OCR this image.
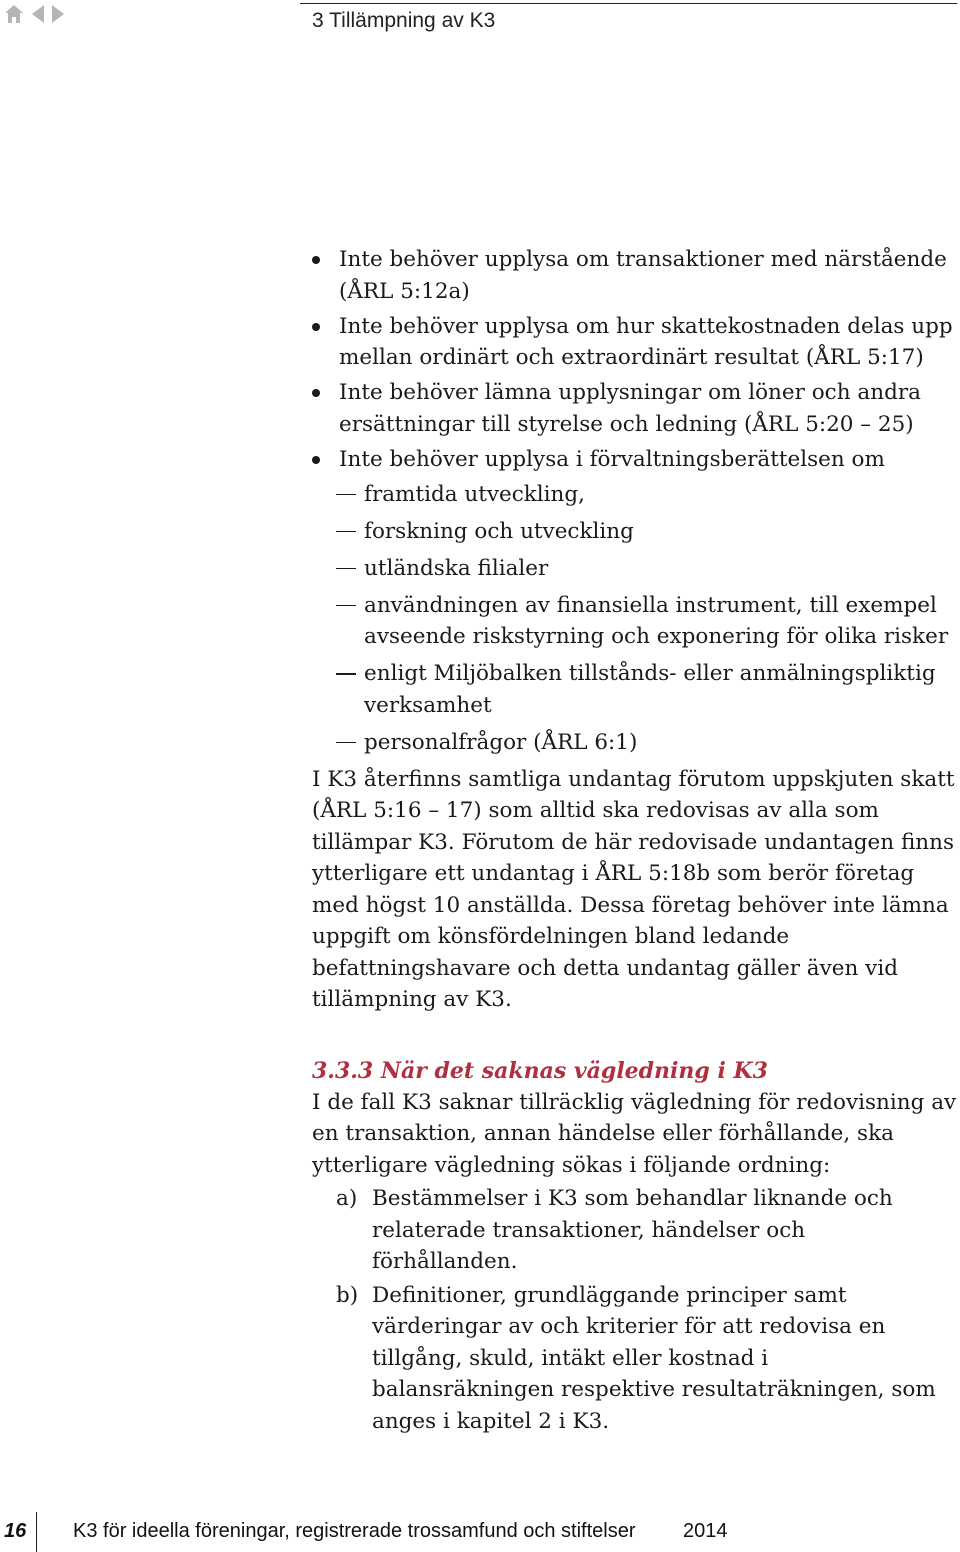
3 Tillämpning av K3
Inte behöver upplysa om transaktioner med närstående (ÅRL 5:12a)
Inte behöver upplysa om hur skattekostnaden delas upp mellan ordinärt och extraordinärt resultat (ÅRL 5:17)
Inte behöver lämna upplysningar om löner och andra ersättningar till styrelse och ledning (ÅRL 5:20 – 25)
Inte behöver upplysa i förvaltningsberättelsen om
framtida utveckling,
forskning och utveckling
utländska filialer
användningen av finansiella instrument, till exempel avseende riskstyrning och exponering för olika risker
enligt Miljöbalken tillstånds- eller anmälningspliktig verksamhet
personalfrågor (ÅRL 6:1)

I K3 återfinns samtliga undantag förutom uppskjuten skatt (ÅRL 5:16 – 17) som alltid ska redovisas av alla som tillämpar K3. Förutom de här redovisade undantagen finns ytterligare ett undantag i ÅRL 5:18b som berör företag med högst 10 anställda. Dessa företag behöver inte lämna uppgift om könsfördelningen bland ledande befattningshavare och detta undantag gäller även vid tillämpning av K3.

3.3.3 När det saknas vägledning i K3

I de fall K3 saknar tillräcklig vägledning för redovisning av en transaktion, annan händelse eller förhållande, ska ytterligare vägledning sökas i följande ordning:

a) Bestämmelser i K3 som behandlar liknande och relaterade transaktioner, händelser och förhållanden.
b) Definitioner, grundläggande principer samt värderingar av och kriterier för att redovisa en tillgång, skuld, intäkt eller kostnad i balansräkningen respektive resultaträkningen, som anges i kapitel 2 i K3.
16 K3 för ideella föreningar, registrerade trossamfund och stiftelser 2014
